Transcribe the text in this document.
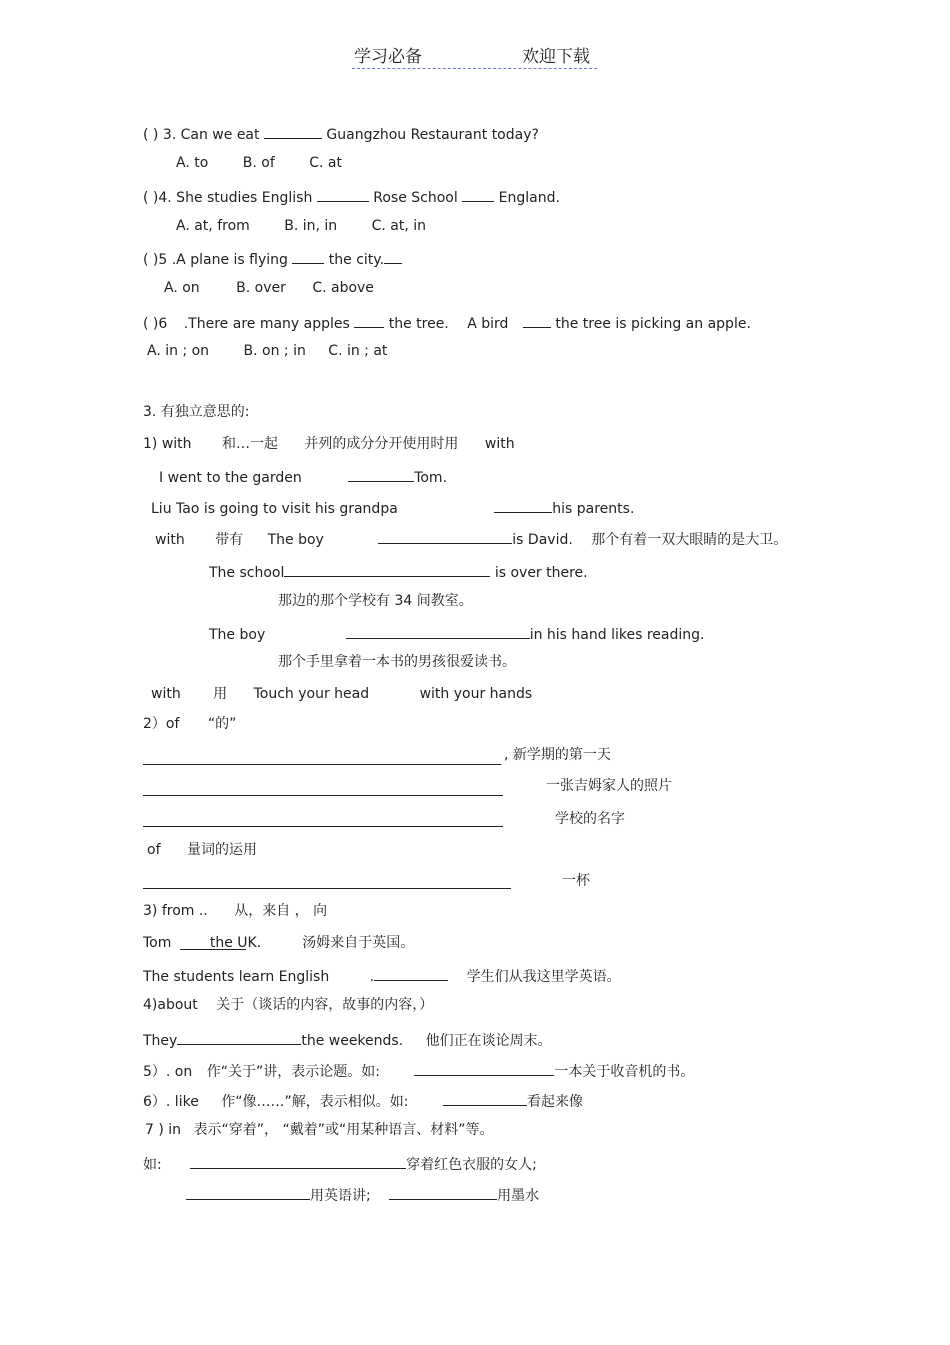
学习必备	欢迎下载
( ) 3. Can we eat	Guangzhou Restaurant today?
A. to B. of C. at
( )4. She studies English	Rose School	England.
A. at, from B. in, in C. at, in
( )5 .A plane is flying	the city.
A. on	B. over C. above
( )6 .There are many apples	the tree. A bird	the tree is picking an apple.
A. in ; on B. on ; in C. in ; at
3. 有独立意思的:
1) with 和…一起 并列的成分分开使用时用 with
I went to the garden	Tom.
Liu Tao is going to visit his grandpa	his parents.
with 带有 The boy	is David. 那个有着一双大眼睛的是大卫。
The school	is over there.
那边的那个学校有 34 间教室。
The boy	in his hand likes reading.
那个手里拿着一本书的男孩很爱读书。
with 用 Touch your head	with your hands
2）of “的”
, 新学期的第一天
一张吉姆家人的照片
学校的名字
of 量词的运用
一杯
3) from .. 从，来自 ， 向
Tom	the UK.	汤姆来自于英国。
The students learn English	.	学生们从我这里学英语。
4)about 关于（谈话的内容，故事的内容，）
They	the weekends. 他们正在谈论周末。
5）. on 作“关于”讲，表示论题。如:	一本关于收音机的书。
6）. like 作“像……”解，表示相似。如:	看起来像
7 ) in 表示“穿着”， “戴着”或“用某种语言、材料”等。
如:	穿着红色衣服的女人;
用英语讲;	用墨水
